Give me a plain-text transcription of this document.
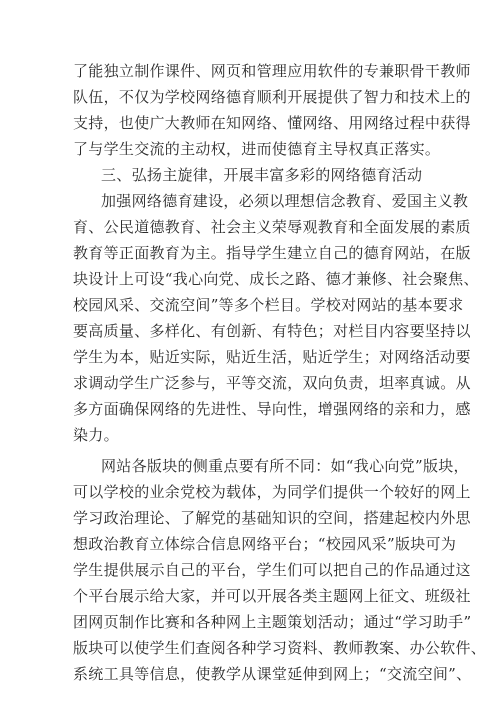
了能独立制作课件、网页和管理应用软件的专兼职骨干教师
队伍，不仅为学校网络德育顺利开展提供了智力和技术上的
支持，也使广大教师在知网络、懂网络、用网络过程中获得
了与学生交流的主动权，进而使德育主导权真正落实。
三、弘扬主旋律，开展丰富多彩的网络德育活动
加强网络德育建设，必须以理想信念教育、爱国主义教
育、公民道德教育、社会主义荣辱观教育和全面发展的素质
教育等正面教育为主。指导学生建立自己的德育网站，在版
块设计上可设“我心向党、成长之路、德才兼修、社会聚焦、
校园风采、交流空间”等多个栏目。学校对网站的基本要求
要高质量、多样化、有创新、有特色；对栏目内容要坚持以
学生为本，贴近实际，贴近生活，贴近学生；对网络活动要
求调动学生广泛参与，平等交流，双向负责，坦率真诚。从
多方面确保网络的先进性、导向性，增强网络的亲和力，感
染力。
网站各版块的侧重点要有所不同：如“我心向党”版块，
可以学校的业余党校为载体，为同学们提供一个较好的网上
学习政治理论、了解党的基础知识的空间，搭建起校内外思
想政治教育立体综合信息网络平台；“校园风采”版块可为
学生提供展示自己的平台，学生们可以把自己的作品通过这
个平台展示给大家，并可以开展各类主题网上征文、班级社
团网页制作比赛和各种网上主题策划活动；通过“学习助手”
版块可以使学生们查阅各种学习资料、教师教案、办公软件、
系统工具等信息，使教学从课堂延伸到网上；“交流空间”、
